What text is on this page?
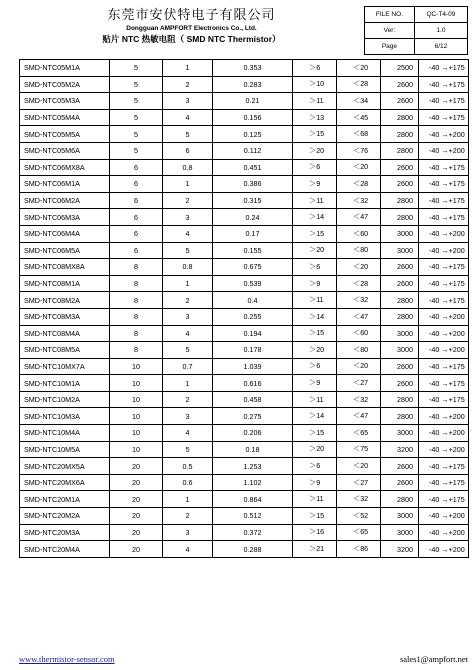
东莞市安伏特电子有限公司
Dongguan AMPFORT Electronics Co., Ltd.
贴片 NTC 热敏电阻（ SMD NTC Thermistor）
FILE NO.	QC-T4-09
Ver:	1.0
Page	6/12
SMD-NTC05M1A	5	1	0.353	＞6	＜20	2500	-40 →+175
SMD-NTC05M2A	5	2	0.283	＞10	＜28	2600	-40 →+175
SMD-NTC05M3A	5	3	0.21	＞11	＜34	2600	-40 →+175
SMD-NTC05M4A	5	4	0.156	＞13	＜45	2800	-40 →+175
SMD-NTC05M5A	5	5	0.125	＞15	＜68	2800	-40 →+200
SMD-NTC05M6A	5	6	0.112	＞20	＜76	2800	-40 →+200
SMD-NTC06MX8A	6	0.8	0.451	＞6	＜20	2600	-40 →+175
SMD-NTC06M1A	6	1	0.386	＞9	＜28	2600	-40 →+175
SMD-NTC06M2A	6	2	0.315	＞11	＜32	2800	-40 →+175
SMD-NTC06M3A	6	3	0.24	＞14	＜47	2800	-40 →+175
SMD-NTC06M4A	6	4	0.17	＞15	＜60	3000	-40 →+200
SMD-NTC06M5A	6	5	0.155	＞20	＜80	3000	-40 →+200
SMD-NTC08MX8A	8	0.8	0.675	＞6	＜20	2600	-40 →+175
SMD-NTC08M1A	8	1	0.539	＞9	＜28	2600	-40 →+175
SMD-NTC08M2A	8	2	0.4	＞11	＜32	2800	-40 →+175
SMD-NTC08M3A	8	3	0.255	＞14	＜47	2800	-40 →+200
SMD-NTC08M4A	8	4	0.194	＞15	＜60	3000	-40 →+200
SMD-NTC08M5A	8	5	0.178	＞20	＜80	3000	-40 →+200
SMD-NTC10MX7A	10	0.7	1.039	＞6	＜20	2600	-40 →+175
SMD-NTC10M1A	10	1	0.616	＞9	＜27	2600	-40 →+175
SMD-NTC10M2A	10	2	0.458	＞11	＜32	2800	-40 →+175
SMD-NTC10M3A	10	3	0.275	＞14	＜47	2800	-40 →+200
SMD-NTC10M4A	10	4	0.206	＞15	＜65	3000	-40 →+200
SMD-NTC10M5A	10	5	0.18	＞20	＜75	3200	-40 →+200
SMD-NTC20MX5A	20	0.5	1.253	＞6	＜20	2600	-40 →+175
SMD-NTC20MX6A	20	0.6	1.102	＞9	＜27	2600	-40 →+175
SMD-NTC20M1A	20	1	0.864	＞11	＜32	2800	-40 →+175
SMD-NTC20M2A	20	2	0.512	＞15	＜52	3000	-40 →+200
SMD-NTC20M3A	20	3	0.372	＞16	＜65	3000	-40 →+200
SMD-NTC20M4A	20	4	0.288	＞21	＜86	3200	-40 →+200
www.thermistor-sensor.com	sales1@ampfort.net
